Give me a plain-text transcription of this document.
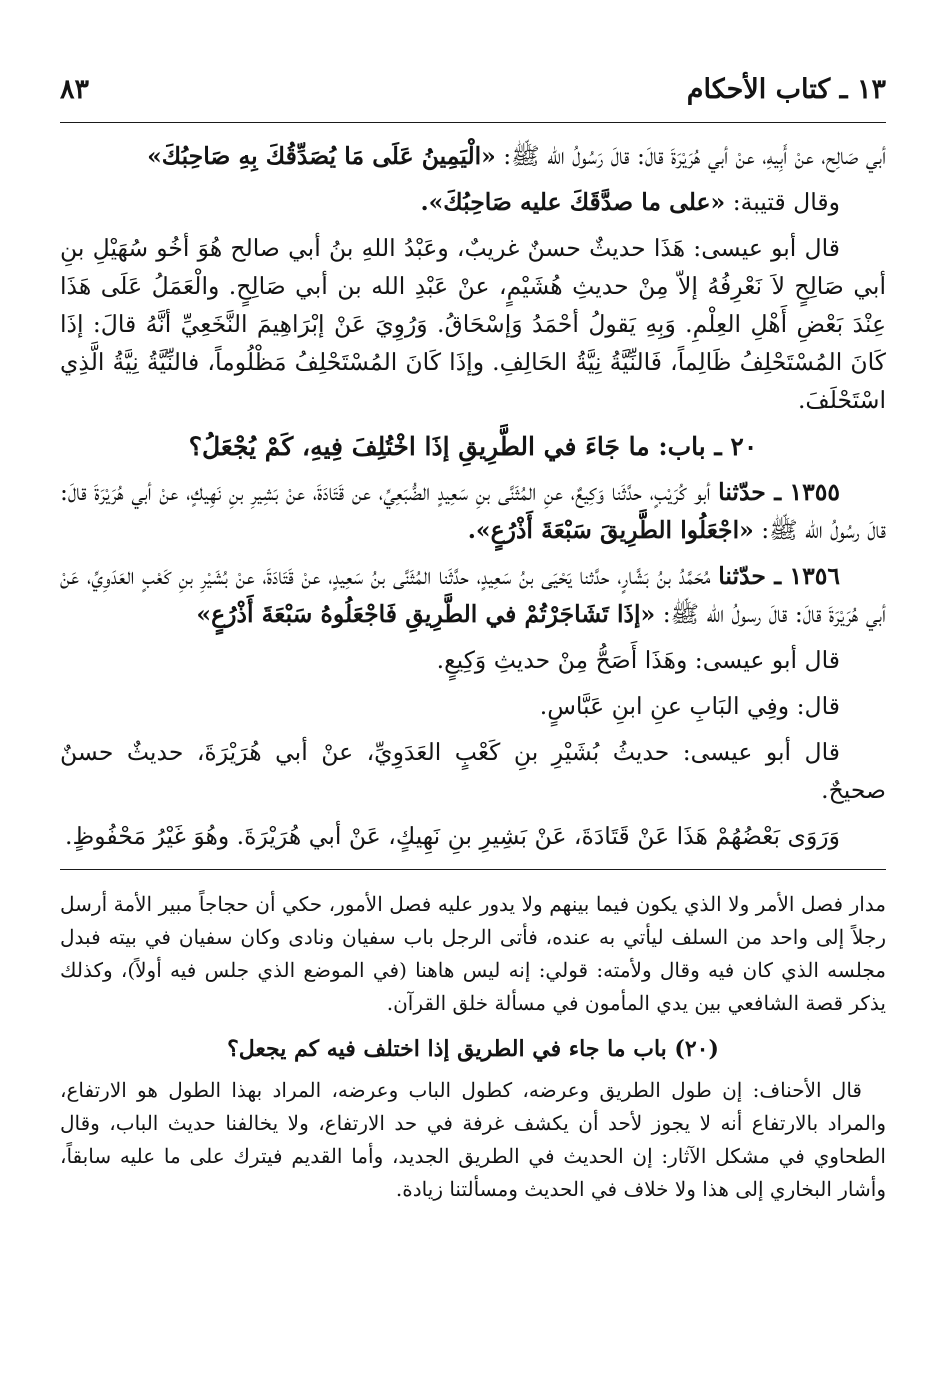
١٣ ـ كتاب الأحكام
٨٣

أبي صَالِح، عنْ أَبِيهِ، عنْ أبي هُرَيْرَةَ قالَ: قالَ رَسُولُ الله ﷺ: «الْيَمِينُ عَلَى مَا يُصَدِّقُكَ بِهِ صَاحِبُكَ»

وقال قتيبة: «على ما صدَّقَكَ عليه صَاحِبُكَ».

قال أبو عيسى: هَذَا حديثٌ حسنٌ غريبٌ، وعَبْدُ اللهِ بنُ أبي صالح هُوَ أخُو سُهَيْلِ بنِ أبي صَالِحٍ لاَ نَعْرِفُهُ إلاّ مِنْ حديثِ هُشَيْمٍ، عنْ عَبْدِ الله بن أبي صَالِحٍ. والْعَمَلُ عَلَى هَذَا عِنْدَ بَعْضِ أَهْلِ العِلْمِ. وَبِهِ يَقولُ أحْمَدُ وَإسْحَاقُ. وَرُوِيَ عَنْ إبْرَاهِيمَ النَّخَعِيِّ أنَّهُ قالَ: إذَا كَانَ المُسْتَحْلِفُ ظَالِماً، فَالنِّيَّةُ نِيَّةُ الحَالِفِ. وإذَا كَانَ المُسْتَحْلِفُ مَظْلُوماً، فالنِّيَّةُ نِيَّةُ الَّذِي اسْتَحْلَفَ.

٢٠ ـ باب: ما جَاءَ في الطَّرِيقِ إذَا اخْتُلِفَ فِيهِ، كَمْ يُجْعَلُ؟

١٣٥٥ ـ حدّثنا أبو كُرَيْبٍ، حدَّثَنا وَكِيعٌ، عنِ المُثَنَّى بنِ سَعِيدٍ الضُّبَعِيِّ، عن قَتَادَةَ، عنْ بَشِيرِ بنِ نَهِيكٍ، عنْ أبي هُرَيْرَةَ قالَ: قالَ رسُولُ الله ﷺ: «اجْعَلُوا الطَّرِيقَ سَبْعَةَ أَذْرُعٍ».

١٣٥٦ ـ حدّثنا مُحَمَّدُ بنُ بَشَّارٍ، حدَّثنا يَحْيَى بنُ سَعِيدٍ، حدَّثَنا المُثَنَّى بنُ سَعِيدٍ، عنْ قَتَادَةَ، عنْ بُشَيْرِ بنِ كَعْبٍ العَدَوِيِّ، عَنْ أبي هُرَيْرَةَ قالَ: قالَ رسولُ الله ﷺ: «إذَا تَشَاجَرْتُمْ في الطَّرِيقِ فَاجْعَلُوهُ سَبْعَةَ أَذْرُعٍ»

قال أبو عيسى: وهَذَا أَصَحُّ مِنْ حديثِ وَكِيعٍ.

قال: وفِي البَابِ عنِ ابنِ عَبَّاسٍ.

قال أبو عيسى: حديثُ بُشَيْرِ بنِ كَعْبٍ العَدَوِيِّ، عنْ أبي هُرَيْرَةَ، حديثٌ حسنٌ صحيحٌ.

وَرَوَى بَعْضُهُمْ هَذَا عَنْ قَتَادَةَ، عَنْ بَشِيرِ بنِ نَهِيكٍ، عَنْ أبي هُرَيْرَةَ. وهُوَ غَيْرُ مَحْفُوظٍ.

مدار فصل الأمر ولا الذي يكون فيما بينهم ولا يدور عليه فصل الأمور، حكي أن حجاجاً مبير الأمة أرسل رجلاً إلى واحد من السلف ليأتي به عنده، فأتى الرجل باب سفيان ونادى وكان سفيان في بيته فبدل مجلسه الذي كان فيه وقال ولأمته: قولي: إنه ليس هاهنا (في الموضع الذي جلس فيه أولاً)، وكذلك يذكر قصة الشافعي بين يدي المأمون في مسألة خلق القرآن.

(٢٠) باب ما جاء في الطريق إذا اختلف فيه كم يجعل؟

قال الأحناف: إن طول الطريق وعرضه، كطول الباب وعرضه، المراد بهذا الطول هو الارتفاع، والمراد بالارتفاع أنه لا يجوز لأحد أن يكشف غرفة في حد الارتفاع، ولا يخالفنا حديث الباب، وقال الطحاوي في مشكل الآثار: إن الحديث في الطريق الجديد، وأما القديم فيترك على ما عليه سابقاً، وأشار البخاري إلى هذا ولا خلاف في الحديث ومسألتنا زيادة.
